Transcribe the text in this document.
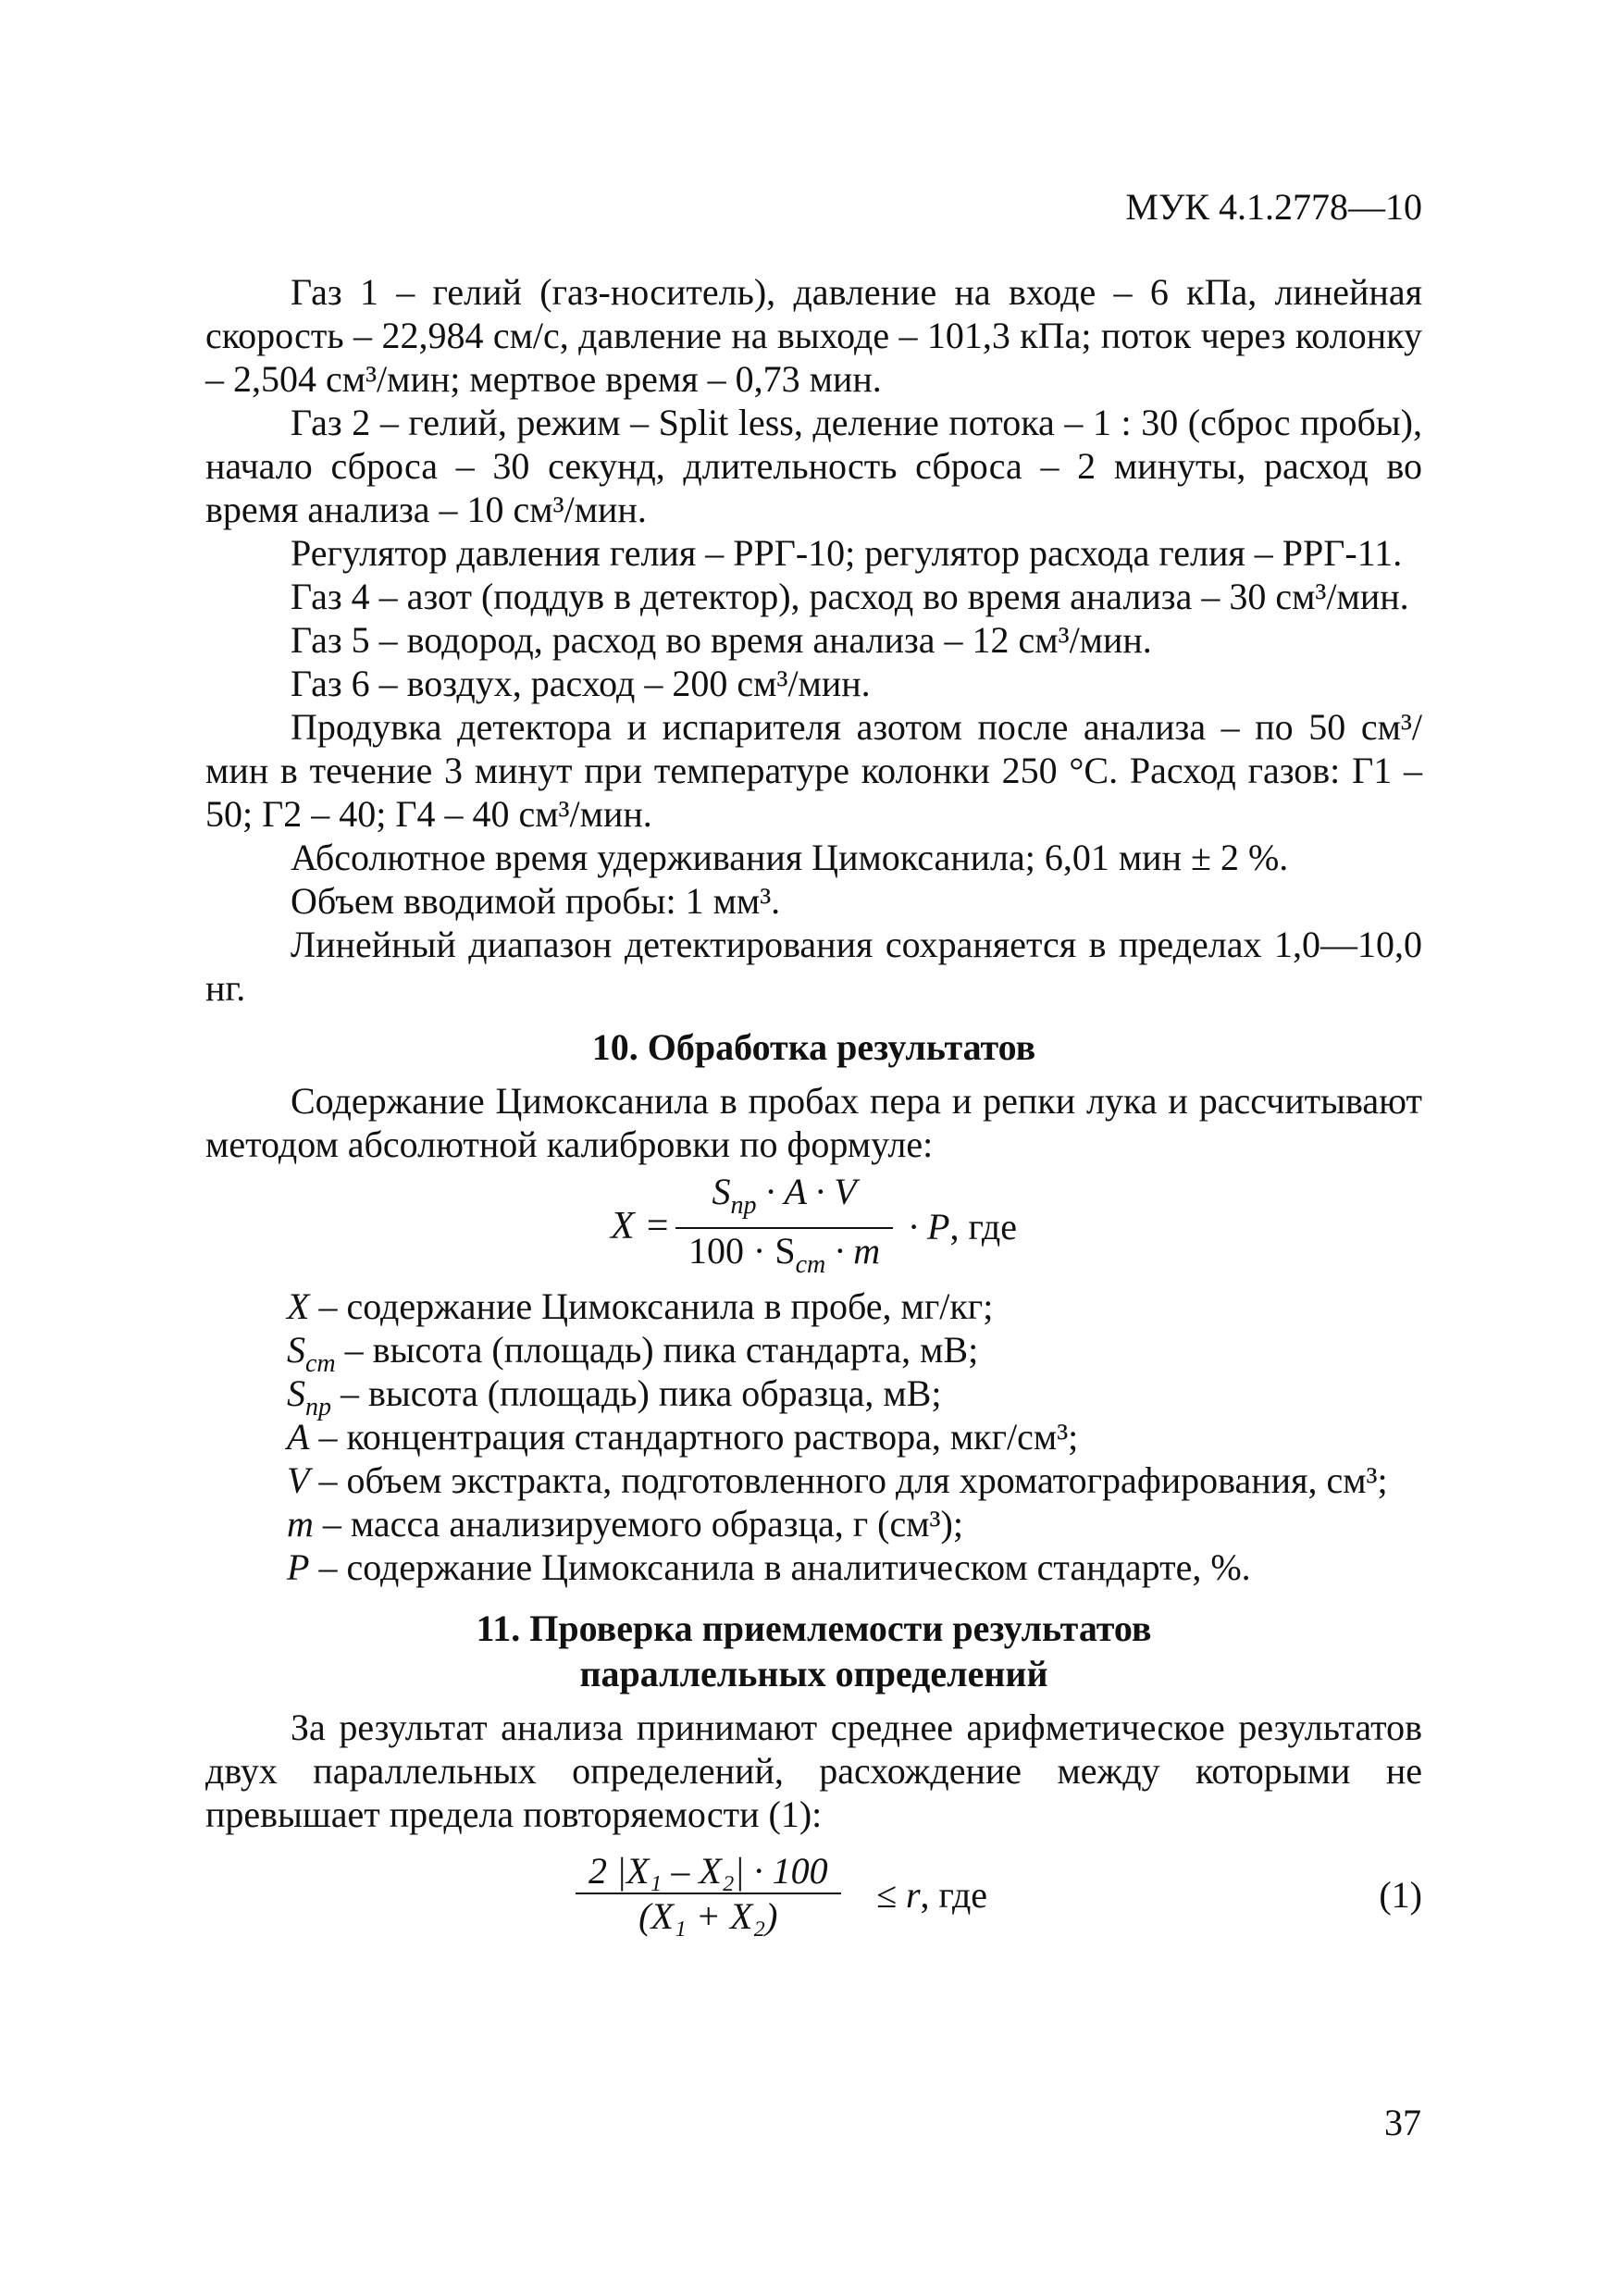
МУК 4.1.2778—10

Газ 1 – гелий (газ-носитель), давление на входе – 6 кПа, линейная скорость – 22,984 см/с, давление на выходе – 101,3 кПа; поток через колонку – 2,504 см³/мин; мертвое время – 0,73 мин.

Газ 2 – гелий, режим – Split less, деление потока – 1 : 30 (сброс пробы), начало сброса – 30 секунд, длительность сброса – 2 минуты, расход во время анализа – 10 см³/мин.

Регулятор давления гелия – РРГ-10; регулятор расхода гелия – РРГ-11.

Газ 4 – азот (поддув в детектор), расход во время анализа – 30 см³/мин.

Газ 5 – водород, расход во время анализа – 12 см³/мин.

Газ 6 – воздух, расход – 200 см³/мин.

Продувка детектора и испарителя азотом после анализа – по 50 см³/мин в течение 3 минут при температуре колонки 250 °С. Расход газов: Г1 – 50; Г2 – 40; Г4 – 40 см³/мин.

Абсолютное время удерживания Цимоксанила; 6,01 мин ± 2 %.

Объем вводимой пробы: 1 мм³.

Линейный диапазон детектирования сохраняется в пределах 1,0—10,0 нг.

10. Обработка результатов

Содержание Цимоксанила в пробах пера и репки лука и рассчитывают методом абсолютной калибровки по формуле:

X =
$S_{пр} \cdot A \cdot V$
$100 \cdot S_{ст} \cdot m$
· P, где
X – содержание Цимоксанила в пробе, мг/кг;
$S_{ст}$ – высота (площадь) пика стандарта, мВ;
$S_{пр}$ – высота (площадь) пика образца, мВ;
A – концентрация стандартного раствора, мкг/см³;
V – объем экстракта, подготовленного для хроматографирования, см³;
m – масса анализируемого образца, г (см³);
P – содержание Цимоксанила в аналитическом стандарте, %.
11. Проверка приемлемости результатов
параллельных определений

За результат анализа принимают среднее арифметическое результатов двух параллельных определений, расхождение между которыми не превышает предела повторяемости (1):

$\frac{\text{2 |X₁ – X₂| · 100}}{\text{(X₁ + X₂)}} \le r$, где	(1)
37
